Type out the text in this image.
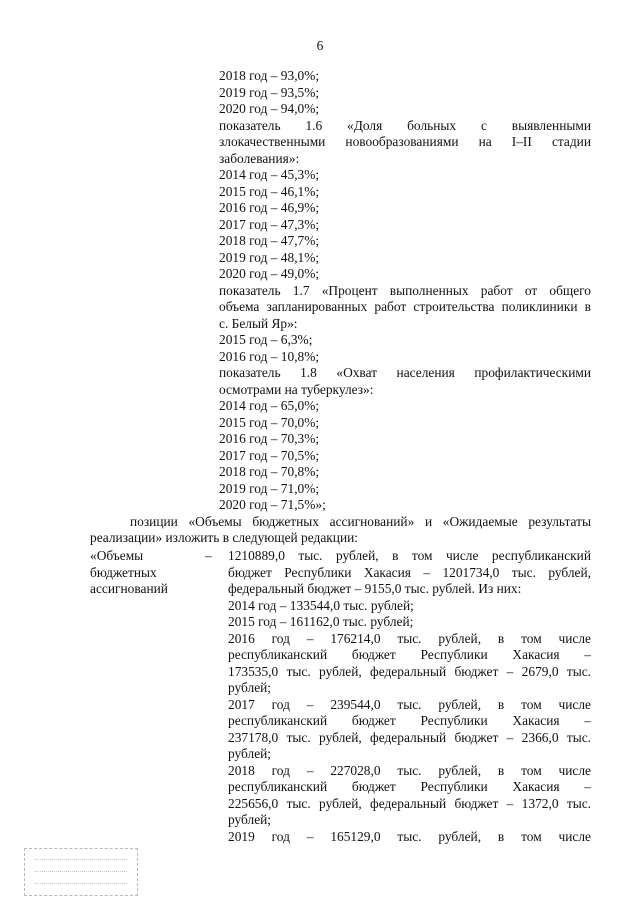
6
2018 год – 93,0%;
2019 год – 93,5%;
2020 год – 94,0%;
показатель 1.6 «Доля больных с выявленными
злокачественными новообразованиями на I–II стадии
заболевания»:
2014 год – 45,3%;
2015 год – 46,1%;
2016 год – 46,9%;
2017 год – 47,3%;
2018 год – 47,7%;
2019 год – 48,1%;
2020 год – 49,0%;
показатель 1.7 «Процент выполненных работ от общего
объема запланированных работ строительства поликлиники в
с. Белый Яр»:
2015 год – 6,3%;
2016 год – 10,8%;
показатель 1.8 «Охват населения профилактическими
осмотрами на туберкулез»:
2014 год – 65,0%;
2015 год – 70,0%;
2016 год – 70,3%;
2017 год – 70,5%;
2018 год – 70,8%;
2019 год – 71,0%;
2020 год – 71,5%»;
позиции «Объемы бюджетных ассигнований» и «Ожидаемые результаты
реализации» изложить в следующей редакции:
«Объемы
бюджетных
ассигнований
– 1210889,0 тыс. рублей, в том числе республиканский
бюджет Республики Хакасия – 1201734,0 тыс. рублей,
федеральный бюджет – 9155,0 тыс. рублей. Из них:
2014 год – 133544,0 тыс. рублей;
2015 год – 161162,0 тыс. рублей;
2016 год – 176214,0 тыс. рублей, в том числе
республиканский бюджет Республики Хакасия –
173535,0 тыс. рублей, федеральный бюджет – 2679,0 тыс.
рублей;
2017 год – 239544,0 тыс. рублей, в том числе
республиканский бюджет Республики Хакасия –
237178,0 тыс. рублей, федеральный бюджет – 2366,0 тыс.
рублей;
2018 год – 227028,0 тыс. рублей, в том числе
республиканский бюджет Республики Хакасия –
225656,0 тыс. рублей, федеральный бюджет – 1372,0 тыс.
рублей;
2019 год – 165129,0 тыс. рублей, в том числе
